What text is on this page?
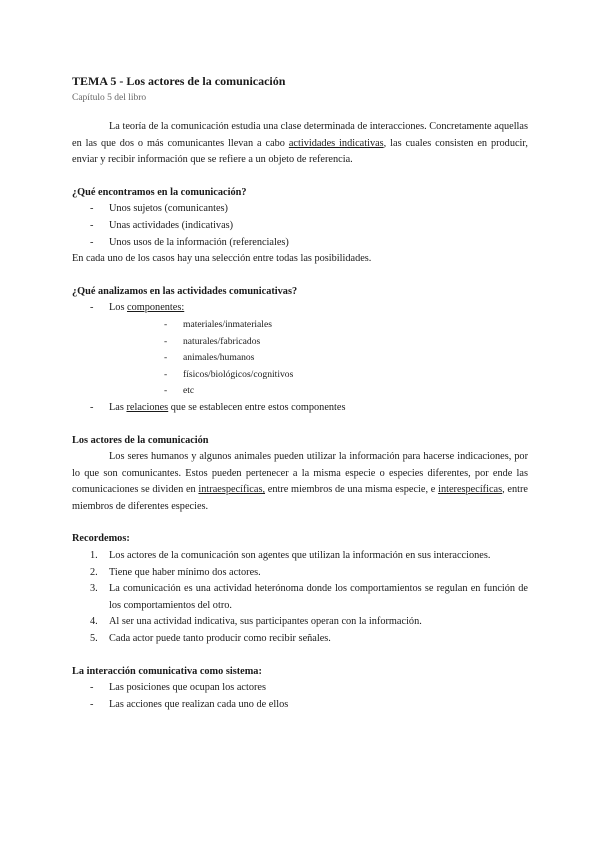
TEMA 5 - Los actores de la comunicación
Capítulo 5 del libro

La teoría de la comunicación estudia una clase determinada de interacciones. Concretamente aquellas en las que dos o más comunicantes llevan a cabo actividades indicativas, las cuales consisten en producir, enviar y recibir información que se refiere a un objeto de referencia.

¿Qué encontramos en la comunicación?

- Unos sujetos (comunicantes)
- Unas actividades (indicativas)
- Unos usos de la información (referenciales)

En cada uno de los casos hay una selección entre todas las posibilidades.

¿Qué analizamos en las actividades comunicativas?

- Los componentes:
- materiales/inmateriales
- naturales/fabricados
- animales/humanos
- físicos/biológicos/cognitivos
- etc
- Las relaciones que se establecen entre estos componentes

Los actores de la comunicación

Los seres humanos y algunos animales pueden utilizar la información para hacerse indicaciones, por lo que son comunicantes. Estos pueden pertenecer a la misma especie o especies diferentes, por ende las comunicaciones se dividen en intraespecíficas, entre miembros de una misma especie, e interespecíficas, entre miembros de diferentes especies.

Recordemos:

1. Los actores de la comunicación son agentes que utilizan la información en sus interacciones.
2. Tiene que haber mínimo dos actores.
3. La comunicación es una actividad heterónoma donde los comportamientos se regulan en función de los comportamientos del otro.
4. Al ser una actividad indicativa, sus participantes operan con la información.
5. Cada actor puede tanto producir como recibir señales.

La interacción comunicativa como sistema:

- Las posiciones que ocupan los actores
- Las acciones que realizan cada uno de ellos
